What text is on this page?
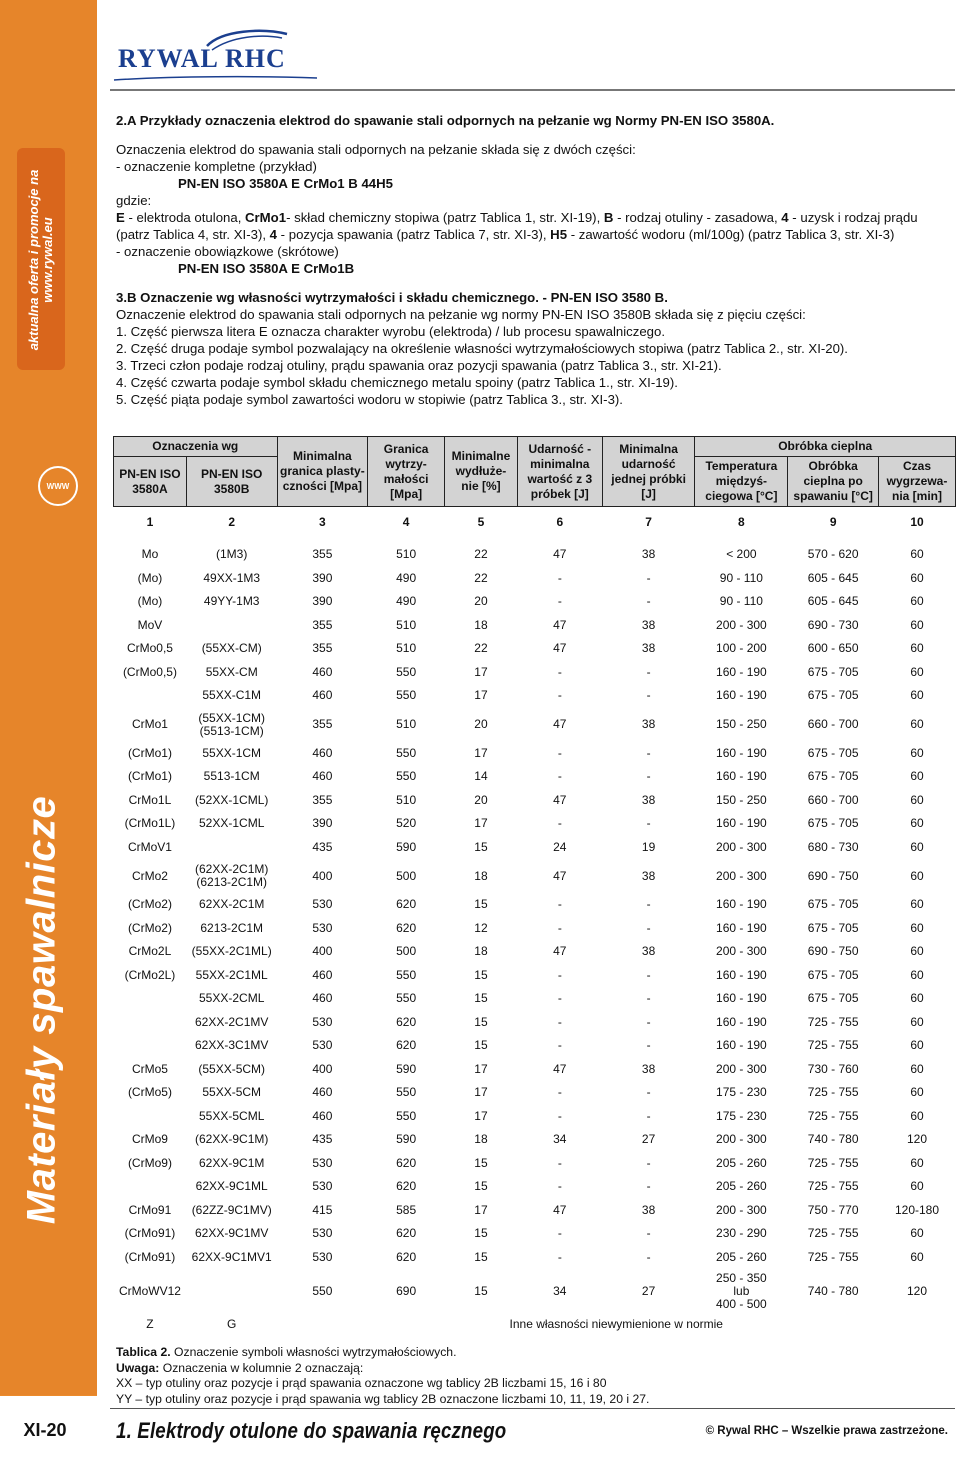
WWW
aktualna oferta i promocje na www.rywal.eu
Materiały spawalnicze
XI-20
RYWAL RHC

2.A Przykłady oznaczenia elektrod do spawanie stali odpornych na pełzanie wg Normy PN-EN ISO 3580A.

Oznaczenia elektrod do spawania stali odpornych na pełzanie składa się z dwóch części:

- oznaczenie kompletne (przykład)

PN-EN ISO 3580A E CrMo1 B 44H5

gdzie:

E - elektroda otulona, CrMo1- skład chemiczny stopiwa (patrz Tablica 1, str. XI-19), B - rodzaj otuliny - zasadowa, 4 - uzysk i rodzaj prądu (patrz Tablica 4, str. XI-3), 4 - pozycja spawania (patrz Tablica 7, str. XI-3), H5 - zawartość wodoru (ml/100g) (patrz Tablica 3, str. XI-3)

- oznaczenie obowiązkowe (skrótowe)

PN-EN ISO 3580A E CrMo1B

3.B Oznaczenie wg własności wytrzymałości i składu chemicznego. - PN-EN ISO 3580 B.

Oznaczenie elektrod do spawania stali odpornych na pełzanie wg normy PN-EN ISO 3580B składa się z pięciu części:

1. Część pierwsza litera E oznacza charakter wyrobu (elektroda) / lub procesu spawalniczego.

2. Część druga podaje symbol pozwalający na określenie własności wytrzymałościowych stopiwa (patrz Tablica 2., str. XI-20).

3. Trzeci człon podaje rodzaj otuliny, prądu spawania oraz pozycji spawania (patrz Tablica 3., str. XI-21).

4. Część czwarta podaje symbol składu chemicznego metalu spoiny (patrz Tablica 1., str. XI-19).

5. Część piąta podaje symbol zawartości wodoru w stopiwie (patrz Tablica 3., str. XI-3).

Oznaczenia wg		Minimalna granica plasty-czności [Mpa]	Granica wytrzy-małości [Mpa]	Minimalne wydłuże-nie [%]	Udarność - minimalna wartość z 3 próbek [J]	Minimalna udarność jednej próbki [J]	Obróbka cieplna		
PN-EN ISO 3580A	PN-EN ISO 3580B						Temperatura międzyś-ciegowa [°C]	Obróbka cieplna po spawaniu [°C]	Czas wygrzewa-nia [min]
1	2	3	4	5	6	7	8	9	10

Mo	(1M3)	355	510	22	47	38	< 200	570 - 620	60
(Mo)	49XX-1M3	390	490	22	-	-	90 - 110	605 - 645	60
(Mo)	49YY-1M3	390	490	20	-	-	90 - 110	605 - 645	60
MoV		355	510	18	47	38	200 - 300	690 - 730	60
CrMo0,5	(55XX-CM)	355	510	22	47	38	100 - 200	600 - 650	60
(CrMo0,5)	55XX-CM	460	550	17	-	-	160 - 190	675 - 705	60
	55XX-C1M	460	550	17	-	-	160 - 190	675 - 705	60
CrMo1	(55XX-1CM)
(5513-1CM)	355	510	20	47	38	150 - 250	660 - 700	60
(CrMo1)	55XX-1CM	460	550	17	-	-	160 - 190	675 - 705	60
(CrMo1)	5513-1CM	460	550	14	-	-	160 - 190	675 - 705	60
CrMo1L	(52XX-1CML)	355	510	20	47	38	150 - 250	660 - 700	60
(CrMo1L)	52XX-1CML	390	520	17	-	-	160 - 190	675 - 705	60
CrMoV1		435	590	15	24	19	200 - 300	680 - 730	60
CrMo2	(62XX-2C1M)
(6213-2C1M)	400	500	18	47	38	200 - 300	690 - 750	60
(CrMo2)	62XX-2C1M	530	620	15	-	-	160 - 190	675 - 705	60
(CrMo2)	6213-2C1M	530	620	12	-	-	160 - 190	675 - 705	60
CrMo2L	(55XX-2C1ML)	400	500	18	47	38	200 - 300	690 - 750	60
(CrMo2L)	55XX-2C1ML	460	550	15	-	-	160 - 190	675 - 705	60
	55XX-2CML	460	550	15	-	-	160 - 190	675 - 705	60
	62XX-2C1MV	530	620	15	-	-	160 - 190	725 - 755	60
	62XX-3C1MV	530	620	15	-	-	160 - 190	725 - 755	60
CrMo5	(55XX-5CM)	400	590	17	47	38	200 - 300	730 - 760	60
(CrMo5)	55XX-5CM	460	550	17	-	-	175 - 230	725 - 755	60
	55XX-5CML	460	550	17	-	-	175 - 230	725 - 755	60
CrMo9	(62XX-9C1M)	435	590	18	34	27	200 - 300	740 - 780	120
(CrMo9)	62XX-9C1M	530	620	15	-	-	205 - 260	725 - 755	60
	62XX-9C1ML	530	620	15	-	-	205 - 260	725 - 755	60
CrMo91	(62ZZ-9C1MV)	415	585	17	47	38	200 - 300	750 - 770	120-180
(CrMo91)	62XX-9C1MV	530	620	15	-	-	230 - 290	725 - 755	60
(CrMo91)	62XX-9C1MV1	530	620	15	-	-	205 - 260	725 - 755	60
CrMoWV12		550	690	15	34	27	250 - 350
lub
400 - 500	740 - 780	120
Z	G	Inne własności niewymienione w normie							

Tablica 2. Oznaczenie symboli własności wytrzymałościowych.

Uwaga: Oznaczenia w kolumnie 2 oznaczają:

XX – typ otuliny oraz pozycje i prąd spawania oznaczone wg tablicy 2B liczbami 15, 16 i 80

YY – typ otuliny oraz pozycje i prąd spawania wg tablicy 2B oznaczone liczbami 10, 11, 19, 20 i 27.

1. Elektrody otulone do spawania ręcznego	© Rywal RHC – Wszelkie prawa zastrzeżone.
